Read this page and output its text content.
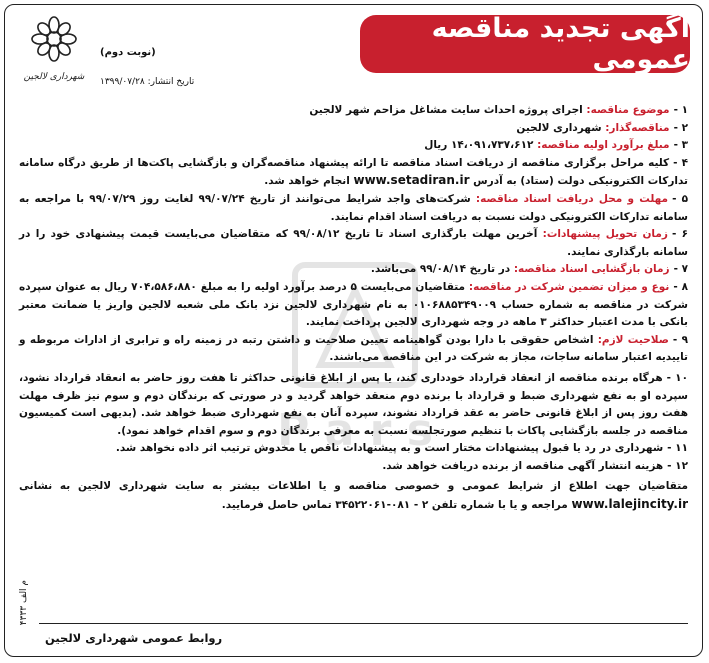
شهرداری لالجین
(نوبت دوم)
تاریخ انتشار: ۱۳۹۹/۰۷/۲۸
آگهی تجدید مناقصه عمومی
P a r s

۱ -موضوع مناقصه: اجرای پروژه احداث سایت مشاغل مزاحم شهر لالجین

۲ -مناقصه‌گذار: شهرداری لالجین

۳ -مبلغ برآورد اولیه مناقصه: ۱۴،۰۹۱،۷۳۷،۶۱۲ ریال

۴ -کلیه مراحل برگزاری مناقصه از دریافت اسناد مناقصه تا ارائه پیشنهاد مناقصه‌گران و بازگشایی پاکت‌ها از طریق درگاه سامانه تدارکات الکترونیکی دولت (ستاد) به آدرس www.setadiran.ir انجام خواهد شد.

۵ -مهلت و محل دریافت اسناد مناقصه: شرکت‌های واجد شرایط می‌توانند از تاریخ ۹۹/۰۷/۲۴ لغایت روز ۹۹/۰۷/۲۹ با مراجعه به سامانه تدارکات الکترونیکی دولت نسبت به دریافت اسناد اقدام نمایند.

۶ -زمان تحویل پیشنهادات: آخرین مهلت بارگذاری اسناد تا تاریخ ۹۹/۰۸/۱۲ که متقاضیان می‌بایست قیمت پیشنهادی خود را در سامانه بارگذاری نمایند.

۷ -زمان بازگشایی اسناد مناقصه: در تاریخ ۹۹/۰۸/۱۴ می‌باشد.

۸ -نوع و میزان تضمین شرکت در مناقصه: متقاضیان می‌بایست ۵ درصد برآورد اولیه را به مبلغ ۷۰۴،۵۸۶،۸۸۰ ریال به عنوان سپرده شرکت در مناقصه به شماره حساب ۰۱۰۶۸۸۵۳۴۹۰۰۹ به نام شهرداری لالجین نزد بانک ملی شعبه لالجین واریز یا ضمانت معتبر بانکی با مدت اعتبار حداکثر ۳ ماهه در وجه شهرداری لالجین پرداخت نمایند.

۹ -صلاحیت لازم: اشخاص حقوقی با دارا بودن گواهینامه تعیین صلاحیت و داشتن رتبه در زمینه راه و ترابری از ادارات مربوطه و تاییدیه اعتبار سامانه ساجات، مجاز به شرکت در این مناقصه می‌باشند.

۱۰ -هرگاه برنده مناقصه از انعقاد قرارداد خودداری کند، یا پس از ابلاغ قانونی حداکثر تا هفت روز حاضر به انعقاد قرارداد نشود، سپرده او به نفع شهرداری ضبط و قرارداد با برنده دوم منعقد خواهد گردید و در صورتی که برندگان دوم و سوم نیز ظرف مهلت هفت روز پس از ابلاغ قانونی حاضر به عقد قرارداد نشوند، سپرده آنان به نفع شهرداری ضبط خواهد شد. (بدیهی است کمیسیون مناقصه در جلسه بازگشایی پاکات با تنظیم صورتجلسه نسبت به معرفی برندگان دوم و سوم اقدام خواهد نمود).

۱۱ -شهرداری در رد یا قبول پیشنهادات مختار است و به پیشنهادات ناقص یا مخدوش ترتیب اثر داده نخواهد شد.

۱۲ -هزینه انتشار آگهی مناقصه از برنده دریافت خواهد شد.

متقاضیان جهت اطلاع از شرایط عمومی و خصوصی مناقصه و یا اطلاعات بیشتر به سایت شهرداری لالجین به نشانی www.lalejincity.ir مراجعه و یا با شماره تلفن ۲ - ۰۸۱-۳۴۵۲۲۰۶۱ تماس حاصل فرمایید.

م الف ۴۳۳۳
روابط عمومی شهرداری لالجین
